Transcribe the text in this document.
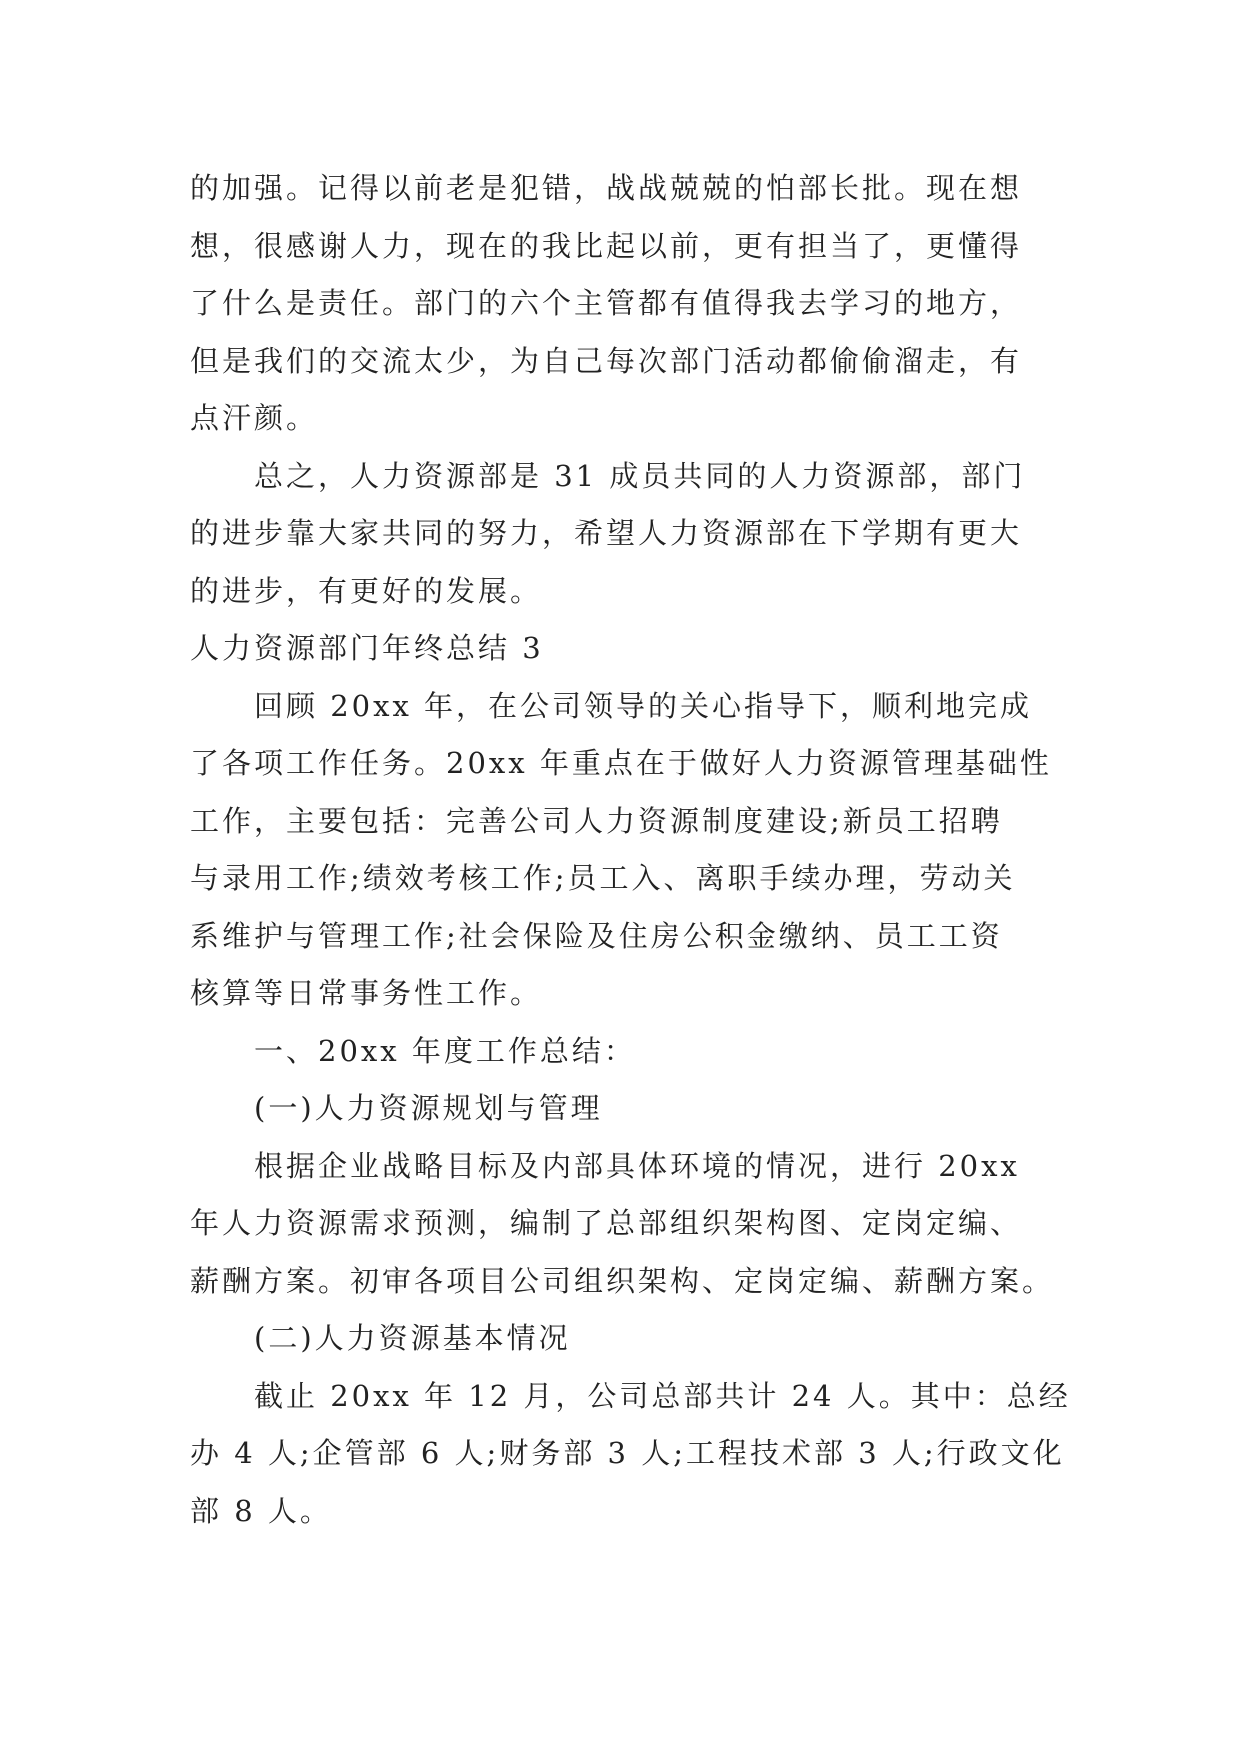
的加强。记得以前老是犯错，战战兢兢的怕部长批。现在想
想，很感谢人力，现在的我比起以前，更有担当了，更懂得
了什么是责任。部门的六个主管都有值得我去学习的地方，
但是我们的交流太少，为自己每次部门活动都偷偷溜走，有
点汗颜。

总之，人力资源部是 31 成员共同的人力资源部，部门
的进步靠大家共同的努力，希望人力资源部在下学期有更大
的进步，有更好的发展。

人力资源部门年终总结 3

回顾 20xx 年，在公司领导的关心指导下，顺利地完成
了各项工作任务。20xx 年重点在于做好人力资源管理基础性
工作，主要包括：完善公司人力资源制度建设;新员工招聘
与录用工作;绩效考核工作;员工入、离职手续办理，劳动关
系维护与管理工作;社会保险及住房公积金缴纳、员工工资
核算等日常事务性工作。

一、20xx 年度工作总结：

(一)人力资源规划与管理

根据企业战略目标及内部具体环境的情况，进行 20xx
年人力资源需求预测，编制了总部组织架构图、定岗定编、
薪酬方案。初审各项目公司组织架构、定岗定编、薪酬方案。

(二)人力资源基本情况

截止 20xx 年 12 月，公司总部共计 24 人。其中：总经
办 4 人;企管部 6 人;财务部 3 人;工程技术部 3 人;行政文化
部 8 人。
